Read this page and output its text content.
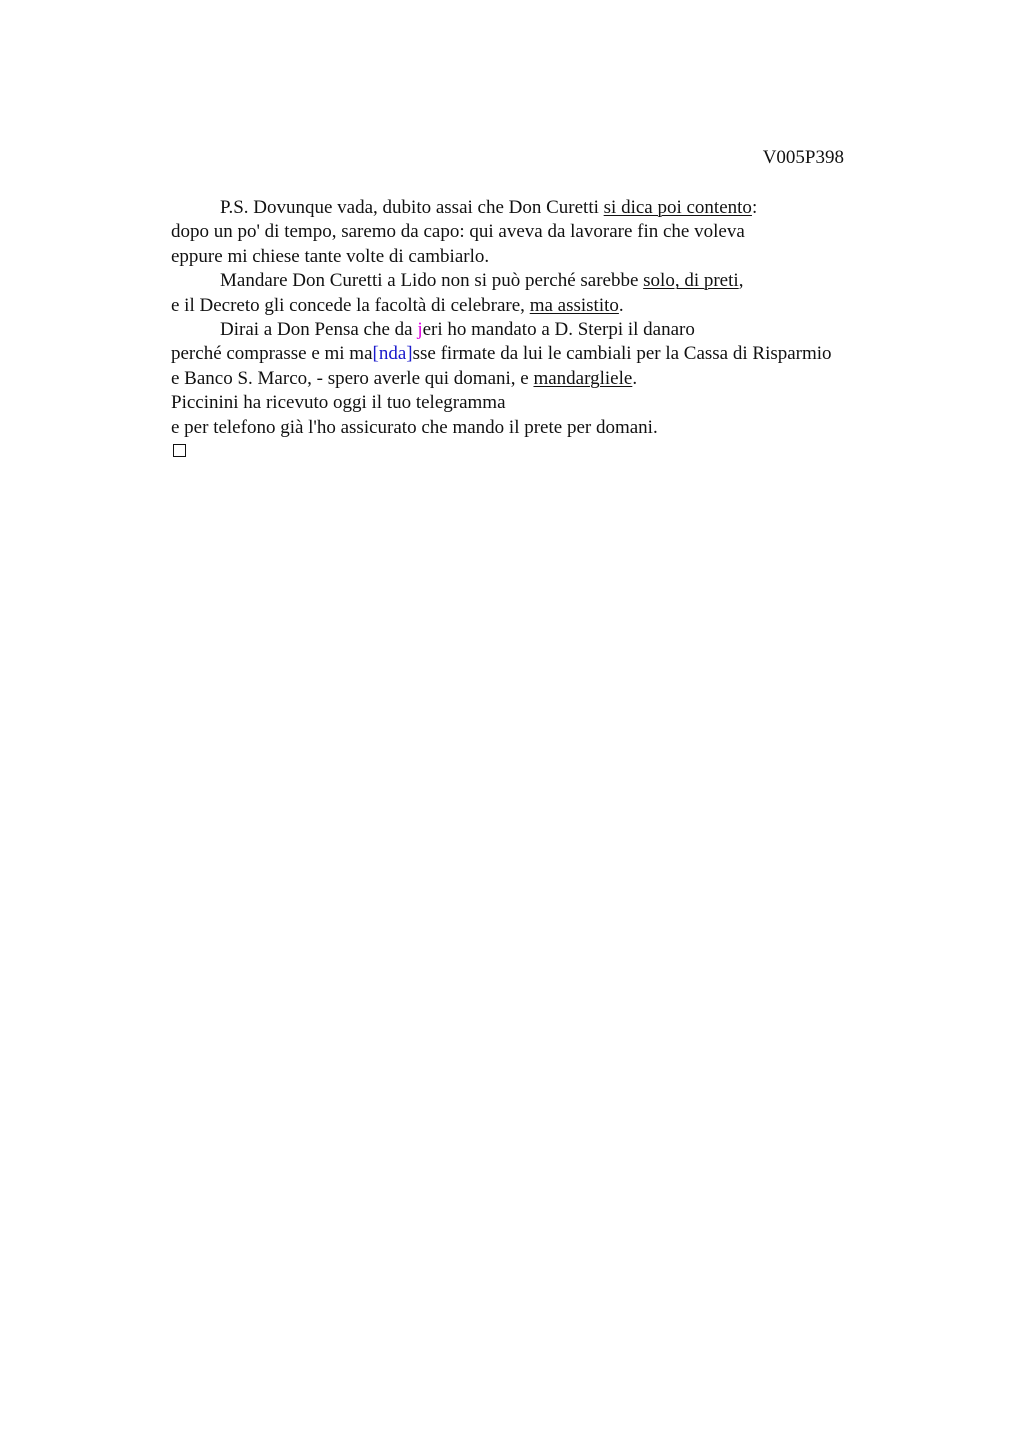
V005P398
P.S. Dovunque vada, dubito assai che Don Curetti si dica poi contento:
dopo un po' di tempo, saremo da capo: qui aveva da lavorare fin che voleva
eppure mi chiese tante volte di cambiarlo.
Mandare Don Curetti a Lido non si può perché sarebbe solo, di preti,
e il Decreto gli concede la facoltà di celebrare, ma assistito.
Dirai a Don Pensa che da jeri ho mandato a D. Sterpi il danaro
perché comprasse e mi ma[nda]sse firmate da lui le cambiali per la Cassa di Risparmio
e Banco S. Marco, - spero averle qui domani, e mandargliele.
Piccinini ha ricevuto oggi il tuo telegramma
e per telefono già l'ho assicurato che mando il prete per domani.
